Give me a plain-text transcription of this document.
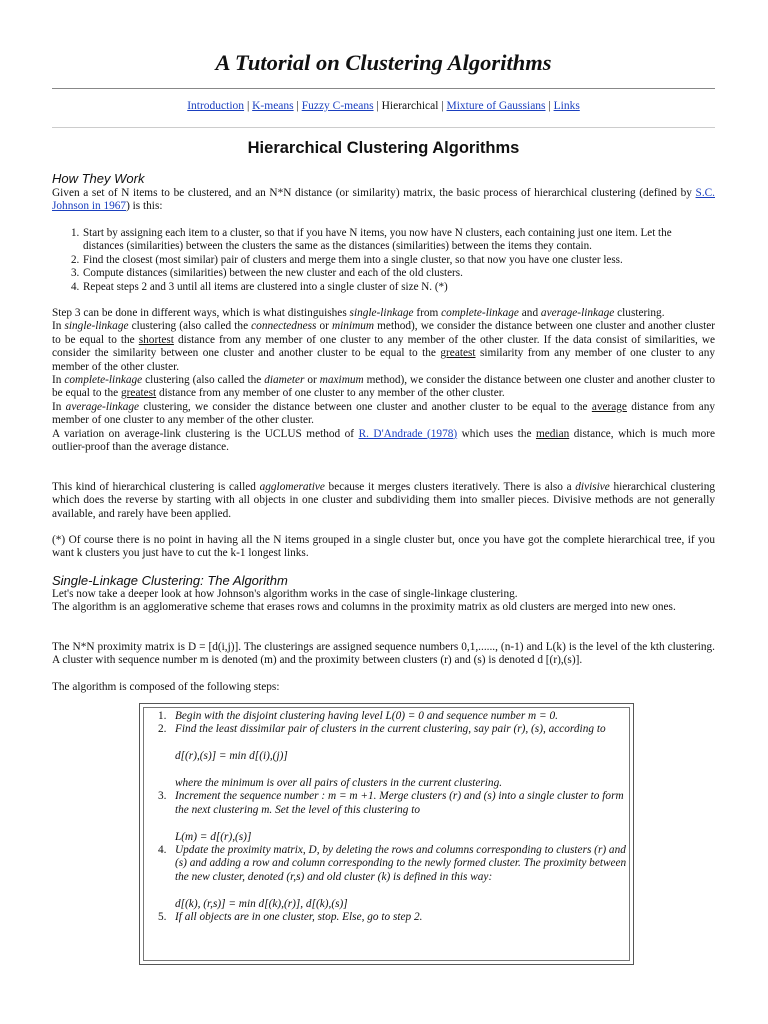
A Tutorial on Clustering Algorithms
Introduction | K-means | Fuzzy C-means | Hierarchical | Mixture of Gaussians | Links
Hierarchical Clustering Algorithms
How They Work

Given a set of N items to be clustered, and an N*N distance (or similarity) matrix, the basic process of hierarchical clustering (defined by S.C. Johnson in 1967) is this:

1. Start by assigning each item to a cluster, so that if you have N items, you now have N clusters, each containing just one item. Let the distances (similarities) between the clusters the same as the distances (similarities) between the items they contain.
2. Find the closest (most similar) pair of clusters and merge them into a single cluster, so that now you have one cluster less.
3. Compute distances (similarities) between the new cluster and each of the old clusters.
4. Repeat steps 2 and 3 until all items are clustered into a single cluster of size N. (*)

Step 3 can be done in different ways, which is what distinguishes single-linkage from complete-linkage and average-linkage clustering.

In single-linkage clustering (also called the connectedness or minimum method), we consider the distance between one cluster and another cluster to be equal to the shortest distance from any member of one cluster to any member of the other cluster. If the data consist of similarities, we consider the similarity between one cluster and another cluster to be equal to the greatest similarity from any member of one cluster to any member of the other cluster.

In complete-linkage clustering (also called the diameter or maximum method), we consider the distance between one cluster and another cluster to be equal to the greatest distance from any member of one cluster to any member of the other cluster.

In average-linkage clustering, we consider the distance between one cluster and another cluster to be equal to the average distance from any member of one cluster to any member of the other cluster.

A variation on average-link clustering is the UCLUS method of R. D'Andrade (1978) which uses the median distance, which is much more outlier-proof than the average distance.

This kind of hierarchical clustering is called agglomerative because it merges clusters iteratively. There is also a divisive hierarchical clustering which does the reverse by starting with all objects in one cluster and subdividing them into smaller pieces. Divisive methods are not generally available, and rarely have been applied.

(*) Of course there is no point in having all the N items grouped in a single cluster but, once you have got the complete hierarchical tree, if you want k clusters you just have to cut the k-1 longest links.

Single-Linkage Clustering: The Algorithm

Let's now take a deeper look at how Johnson's algorithm works in the case of single-linkage clustering.

The algorithm is an agglomerative scheme that erases rows and columns in the proximity matrix as old clusters are merged into new ones.

The N*N proximity matrix is D = [d(i,j)]. The clusterings are assigned sequence numbers 0,1,......, (n-1) and L(k) is the level of the kth clustering. A cluster with sequence number m is denoted (m) and the proximity between clusters (r) and (s) is denoted d [(r),(s)].

The algorithm is composed of the following steps:

1. Begin with the disjoint clustering having level L(0) = 0 and sequence number m = 0.
2. Find the least dissimilar pair of clusters in the current clustering, say pair (r), (s), according to

d[(r),(s)] = min d[(i),(j)]

where the minimum is over all pairs of clusters in the current clustering.
3. Increment the sequence number : m = m +1. Merge clusters (r) and (s) into a single cluster to form the next clustering m. Set the level of this clustering to

L(m) = d[(r),(s)]
4. Update the proximity matrix, D, by deleting the rows and columns corresponding to clusters (r) and (s) and adding a row and column corresponding to the newly formed cluster. The proximity between the new cluster, denoted (r,s) and old cluster (k) is defined in this way:

d[(k), (r,s)] = min d[(k),(r)], d[(k),(s)]
5. If all objects are in one cluster, stop. Else, go to step 2.
